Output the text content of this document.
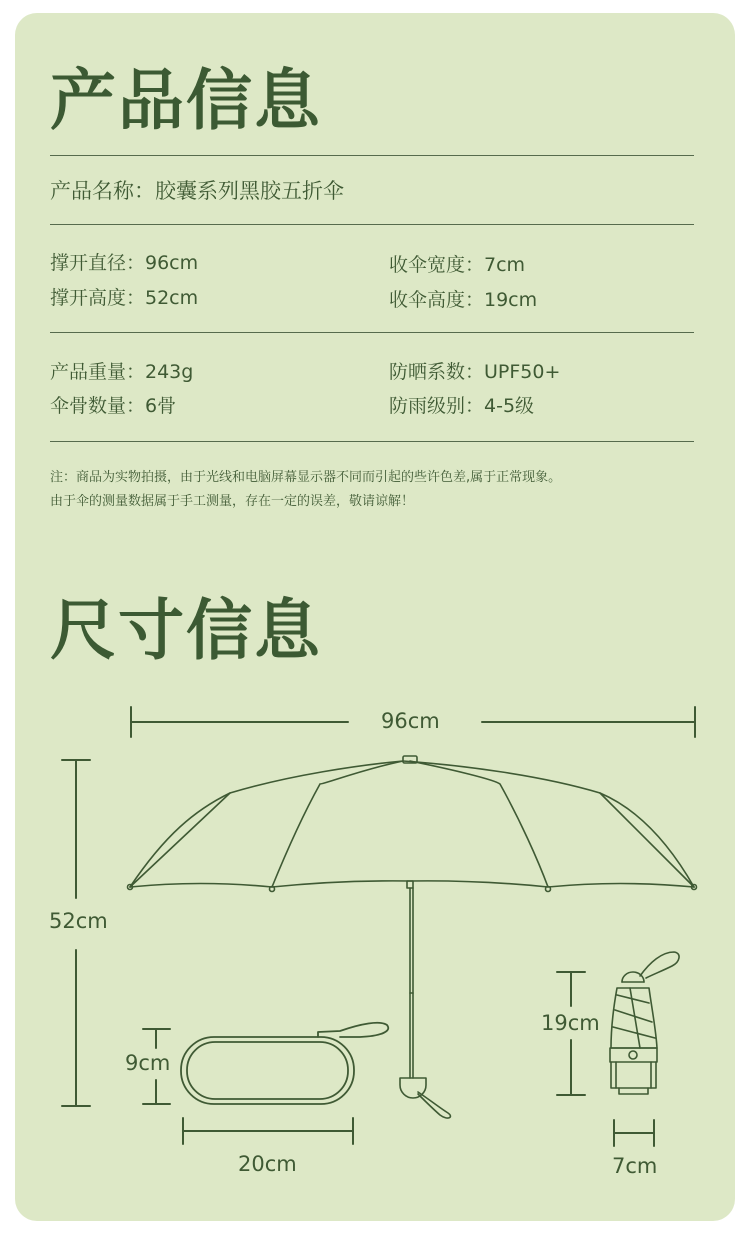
产品信息
产品名称：胶囊系列黑胶五折伞
撑开直径：96cm
撑开高度：52cm
收伞宽度：7cm
收伞高度：19cm
产品重量：243g
伞骨数量：6骨
防晒系数：UPF50+
防雨级别：4-5级
注：商品为实物拍摄，由于光线和电脑屏幕显示器不同而引起的些许色差,属于正常现象。
由于伞的测量数据属于手工测量，存在一定的误差，敬请谅解！
尺寸信息
96cm
52cm
9cm
20cm
19cm
7cm
